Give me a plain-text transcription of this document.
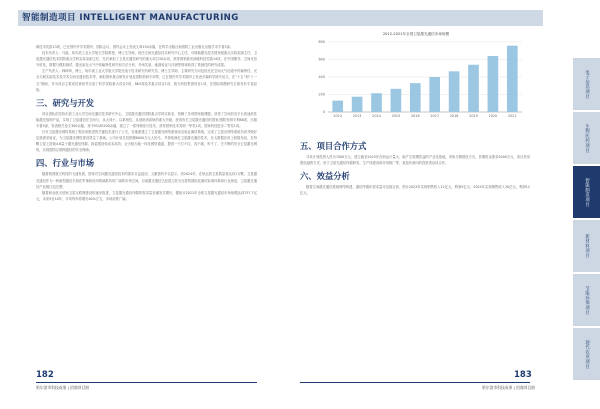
智能制造项目 INTELLIGENT MANUFACTURING

硕技术奖励13项，已在国内外学术期刊、国际会议、国内会议上发表文章150余篇，在科学出版社和国防工业出版社出版学术专著3部。

技术负责人：马晶，哈尔滨工业大学航天学院教授，博士生导师，现任空间光通信技术研究中心主任，可调谐激光技术国家级重点实验室副主任，卫星激光通信技术国防重点学科实验室副主任，先后承担了卫星光通信研究的重大项目30余项，获得国家级省部级科技奖励14项，在中国期刊、空间光信号收发、数据与模拟测试、激光束在大气中传输特性研究和方法分析、外场实验、地面验证与评测等领域取得了系统性的研究成果。

生产负责人：韩琦琦，博士，哈尔滨工业大学航天学院光电子技术研究所研究员，博士生导师，主要研究方向包括光在空间大气信道中传输特性、光全天候实验技术及学术空间光通信技术等，承担国家重点研发计划及国防预研专项等，已在国内外学术期刊上发表多篇科学研究论文，在“十五”和“十一五”期间，作为项目主要成员承担并完成了科学试验重大项目2项、863高技术重点项目1项、航天科技集团项目1项，在国际规模研究方面具有丰富经验。

三、研究与开发

项目团队依托哈尔滨工业大学空间光通信技术研究中心，卫星激光通信国防重点学科实验室，依赖了各项国家级课题，获得了空间信息平台高速高性能激光组网产品，实现了卫星通信在空间与、从大到小、以系统性、从低轨到高轨的重大突破，获得有关卫星激光通信的国家/国防发明专利88项，出版专著5部，发表相关论文300余篇，其中SCI/EI200余篇，建立了一系列理论与技术，获得国家技术发明一等奖1项，国家科技进步二等奖1项。

针对卫星激光网络系统工程应用推进的关键技术进行了公关，在地面建立了卫星激光网络系统动态验证测试系统，完成了卫星光网络系统仿真并做好定航需求验证，为卫星激光网络建设奠定了基础。公司计划总投资额6000万元人民币，并持续深化卫星激光通信技术，在大数据应用上积极布局，在每颗卫星上搭载4.6量子激光通信终端，探索建设低成本高效、全天候天地一体化网络通道，提供一个打不住、攻不破、听不了、关不断的安全卫星激光网络，实现国防互联网通信的安全保障。

四、行业与市场

随着我国航天科技的飞速发展，国家对空间激光通信技术的需求日益迫切，文献资料予以显示，到2024年，在轨运营卫星数量将达到1万颗，卫星激光通信作为一种新型通信手段在军事和民用领域都具有广阔的市场空间，目前激光通信已经建立较为完善的国际化测试标准体系和行业规范，卫星激光通信产业链日趋完整。

随着商业航天低轨卫星互联网建设的逐步推进，卫星激光通信终端的需求量呈爆发式增长，据统计2021年全球卫星激光通信市场规模达到757.7亿元，未来5至10年，平均每年将增长40%左右，市场前景广阔。

0
200
400
600
800
2012	2013	2014	2015	2016	2017	2018	2019	2020	2021
2012-2021年全国卫星激光通信市场规模
五、项目合作方式

寻求计划投资人民币7000万元，建立截至2025年在轨运行量大、能产生规模效益的产业化基地，采取分期建设方式，首期资金需求5000万元，项目采用股权融资方式，用于卫星光通信终端研发、生产线建设和市场推广等，欢迎有意向的投资者洽谈合作。

六、效益分析

随着空间激光通信系统网络构建，通信终端年需求量可达数百套，预计2023年实现销售收入12亿元，利润5亿元；2024年实现销售收入30亿元，利润12亿元。

182
哈尔滨市科技成果 | 招商项目册
183
哈尔滨市科技成果 | 招商项目册
电子信息项目
生物医药项目
智能制造项目
新材料项目
节能环保项目
现代农业项目
